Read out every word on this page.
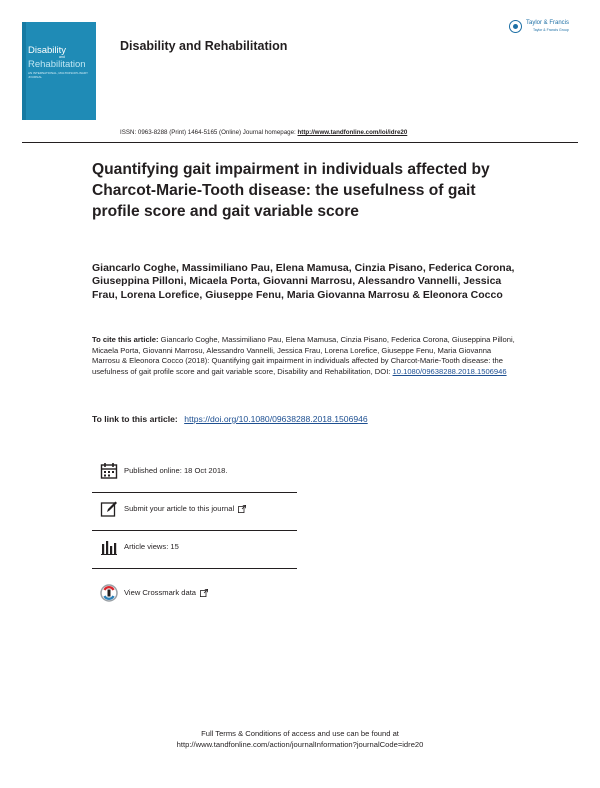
Disability
and
Rehabilitation
AN INTERNATIONAL, MULTIDISCIPLINARY JOURNAL
Disability and Rehabilitation
Taylor & Francis
Taylor & Francis Group
ISSN: 0963-8288 (Print) 1464-5165 (Online) Journal homepage: http://www.tandfonline.com/loi/idre20
Quantifying gait impairment in individuals affected by Charcot-Marie-Tooth disease: the usefulness of gait profile score and gait variable score
Giancarlo Coghe, Massimiliano Pau, Elena Mamusa, Cinzia Pisano, Federica Corona, Giuseppina Pilloni, Micaela Porta, Giovanni Marrosu, Alessandro Vannelli, Jessica Frau, Lorena Lorefice, Giuseppe Fenu, Maria Giovanna Marrosu & Eleonora Cocco
To cite this article: Giancarlo Coghe, Massimiliano Pau, Elena Mamusa, Cinzia Pisano, Federica Corona, Giuseppina Pilloni, Micaela Porta, Giovanni Marrosu, Alessandro Vannelli, Jessica Frau, Lorena Lorefice, Giuseppe Fenu, Maria Giovanna Marrosu & Eleonora Cocco (2018): Quantifying gait impairment in individuals affected by Charcot-Marie-Tooth disease: the usefulness of gait profile score and gait variable score, Disability and Rehabilitation, DOI: 10.1080/09638288.2018.1506946
To link to this article: https://doi.org/10.1080/09638288.2018.1506946
Published online: 18 Oct 2018.
Submit your article to this journal
Article views: 15
View Crossmark data
Full Terms & Conditions of access and use can be found at
http://www.tandfonline.com/action/journalInformation?journalCode=idre20
